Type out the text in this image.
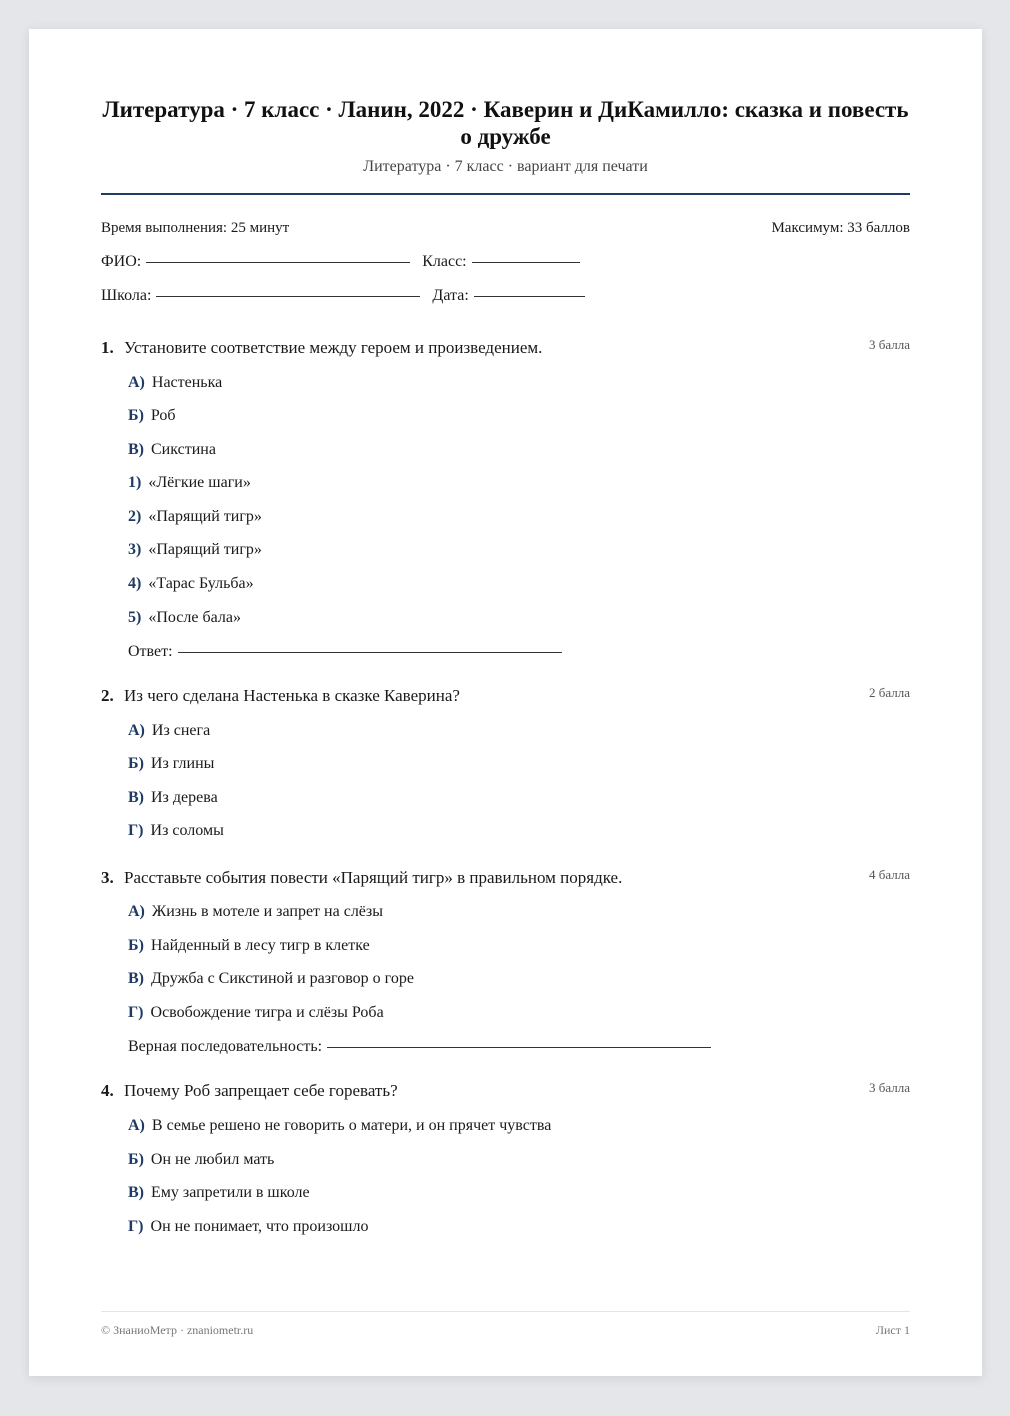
Литература · 7 класс · Ланин, 2022 · Каверин и ДиКамилло: сказка и повесть о дружбе
Литература · 7 класс · вариант для печати
Время выполнения: 25 минут	Максимум: 33 баллов
ФИО:	Класс:
Школа:	Дата:
1. Установите соответствие между героем и произведением.	3 балла
А) Настенька
Б) Роб
В) Сикстина
1) «Лёгкие шаги»
2) «Парящий тигр»
3) «Парящий тигр»
4) «Тарас Бульба»
5) «После бала»
Ответ:
2. Из чего сделана Настенька в сказке Каверина?	2 балла
А) Из снега
Б) Из глины
В) Из дерева
Г) Из соломы
3. Расставьте события повести «Парящий тигр» в правильном порядке.	4 балла
А) Жизнь в мотеле и запрет на слёзы
Б) Найденный в лесу тигр в клетке
В) Дружба с Сикстиной и разговор о горе
Г) Освобождение тигра и слёзы Роба
Верная последовательность:
4. Почему Роб запрещает себе горевать?	3 балла
А) В семье решено не говорить о матери, и он прячет чувства
Б) Он не любил мать
В) Ему запретили в школе
Г) Он не понимает, что произошло
© ЗнаниоМетр · znaniometr.ru	Лист 1
